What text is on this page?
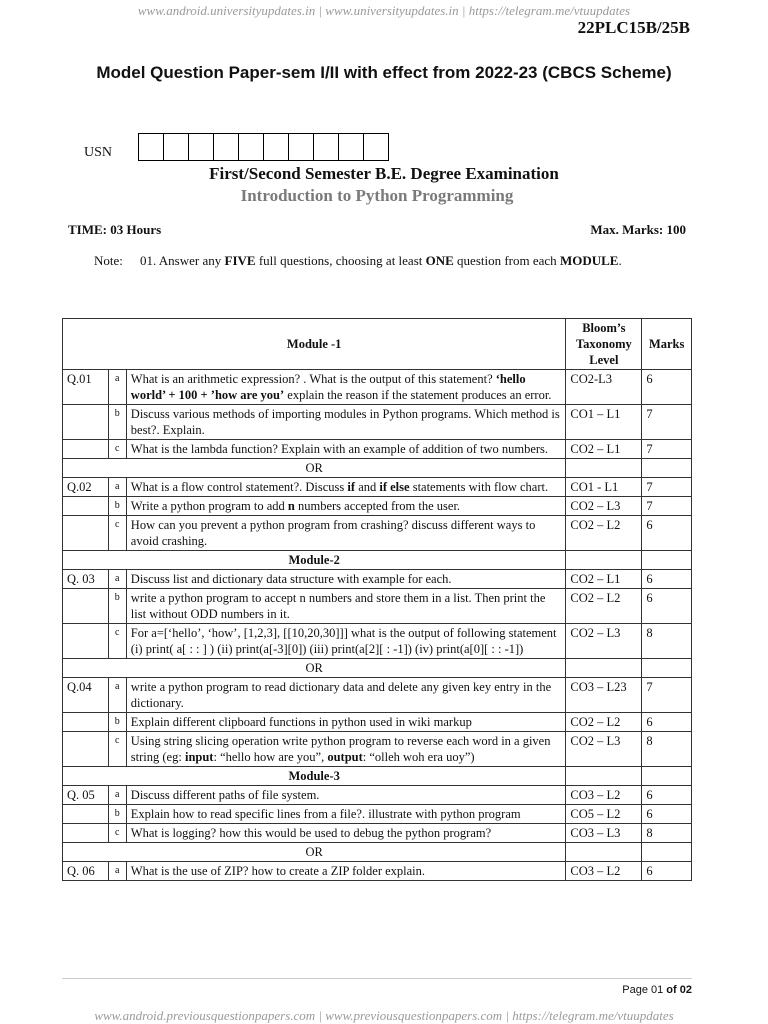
www.android.universityupdates.in | www.universityupdates.in | https://telegram.me/vtuupdates
22PLC15B/25B
Model Question Paper-sem I/II with effect from 2022-23 (CBCS Scheme)
USN
First/Second Semester B.E. Degree Examination
Introduction to Python Programming
TIME: 03 Hours	Max. Marks: 100
Note: 01. Answer any FIVE full questions, choosing at least ONE question from each MODULE.
Module -1			Bloom’s Taxonomy Level	Marks
Q.01	a	What is an arithmetic expression? . What is the output of this statement? ‘hello world’ + 100 + ’how are you’ explain the reason if the statement produces an error.	CO2-L3	6
	b	Discuss various methods of importing modules in Python programs. Which method is best?. Explain.	CO1 – L1	7
	c	What is the lambda function? Explain with an example of addition of two numbers.	CO2 – L1	7
OR				
Q.02	a	What is a flow control statement?. Discuss if and if else statements with flow chart.	CO1 - L1	7
	b	Write a python program to add n numbers accepted from the user.	CO2 – L3	7
	c	How can you prevent a python program from crashing? discuss different ways to avoid crashing.	CO2 – L2	6
Module-2				
Q. 03	a	Discuss list and dictionary data structure with example for each.	CO2 – L1	6
	b	write a python program to accept n numbers and store them in a list. Then print the list without ODD numbers in it.	CO2 – L2	6
	c	For a=[‘hello’, ‘how’, [1,2,3], [[10,20,30]]] what is the output of following statement (i) print( a[ : : ] ) (ii) print(a[-3][0]) (iii) print(a[2][ : -1]) (iv) print(a[0][ : : -1])	CO2 – L3	8
OR				
Q.04	a	write a python program to read dictionary data and delete any given key entry in the dictionary.	CO3 – L23	7
	b	Explain different clipboard functions in python used in wiki markup	CO2 – L2	6
	c	Using string slicing operation write python program to reverse each word in a given string (eg: input: “hello how are you”, output: “olleh woh era uoy”)	CO2 – L3	8
Module-3				
Q. 05	a	Discuss different paths of file system.	CO3 – L2	6
	b	Explain how to read specific lines from a file?. illustrate with python program	CO5 – L2	6
	c	What is logging? how this would be used to debug the python program?	CO3 – L3	8
OR				
Q. 06	a	What is the use of ZIP? how to create a ZIP folder explain.	CO3 – L2	6
Page 01 of 02
www.android.previousquestionpapers.com | www.previousquestionpapers.com | https://telegram.me/vtuupdates
